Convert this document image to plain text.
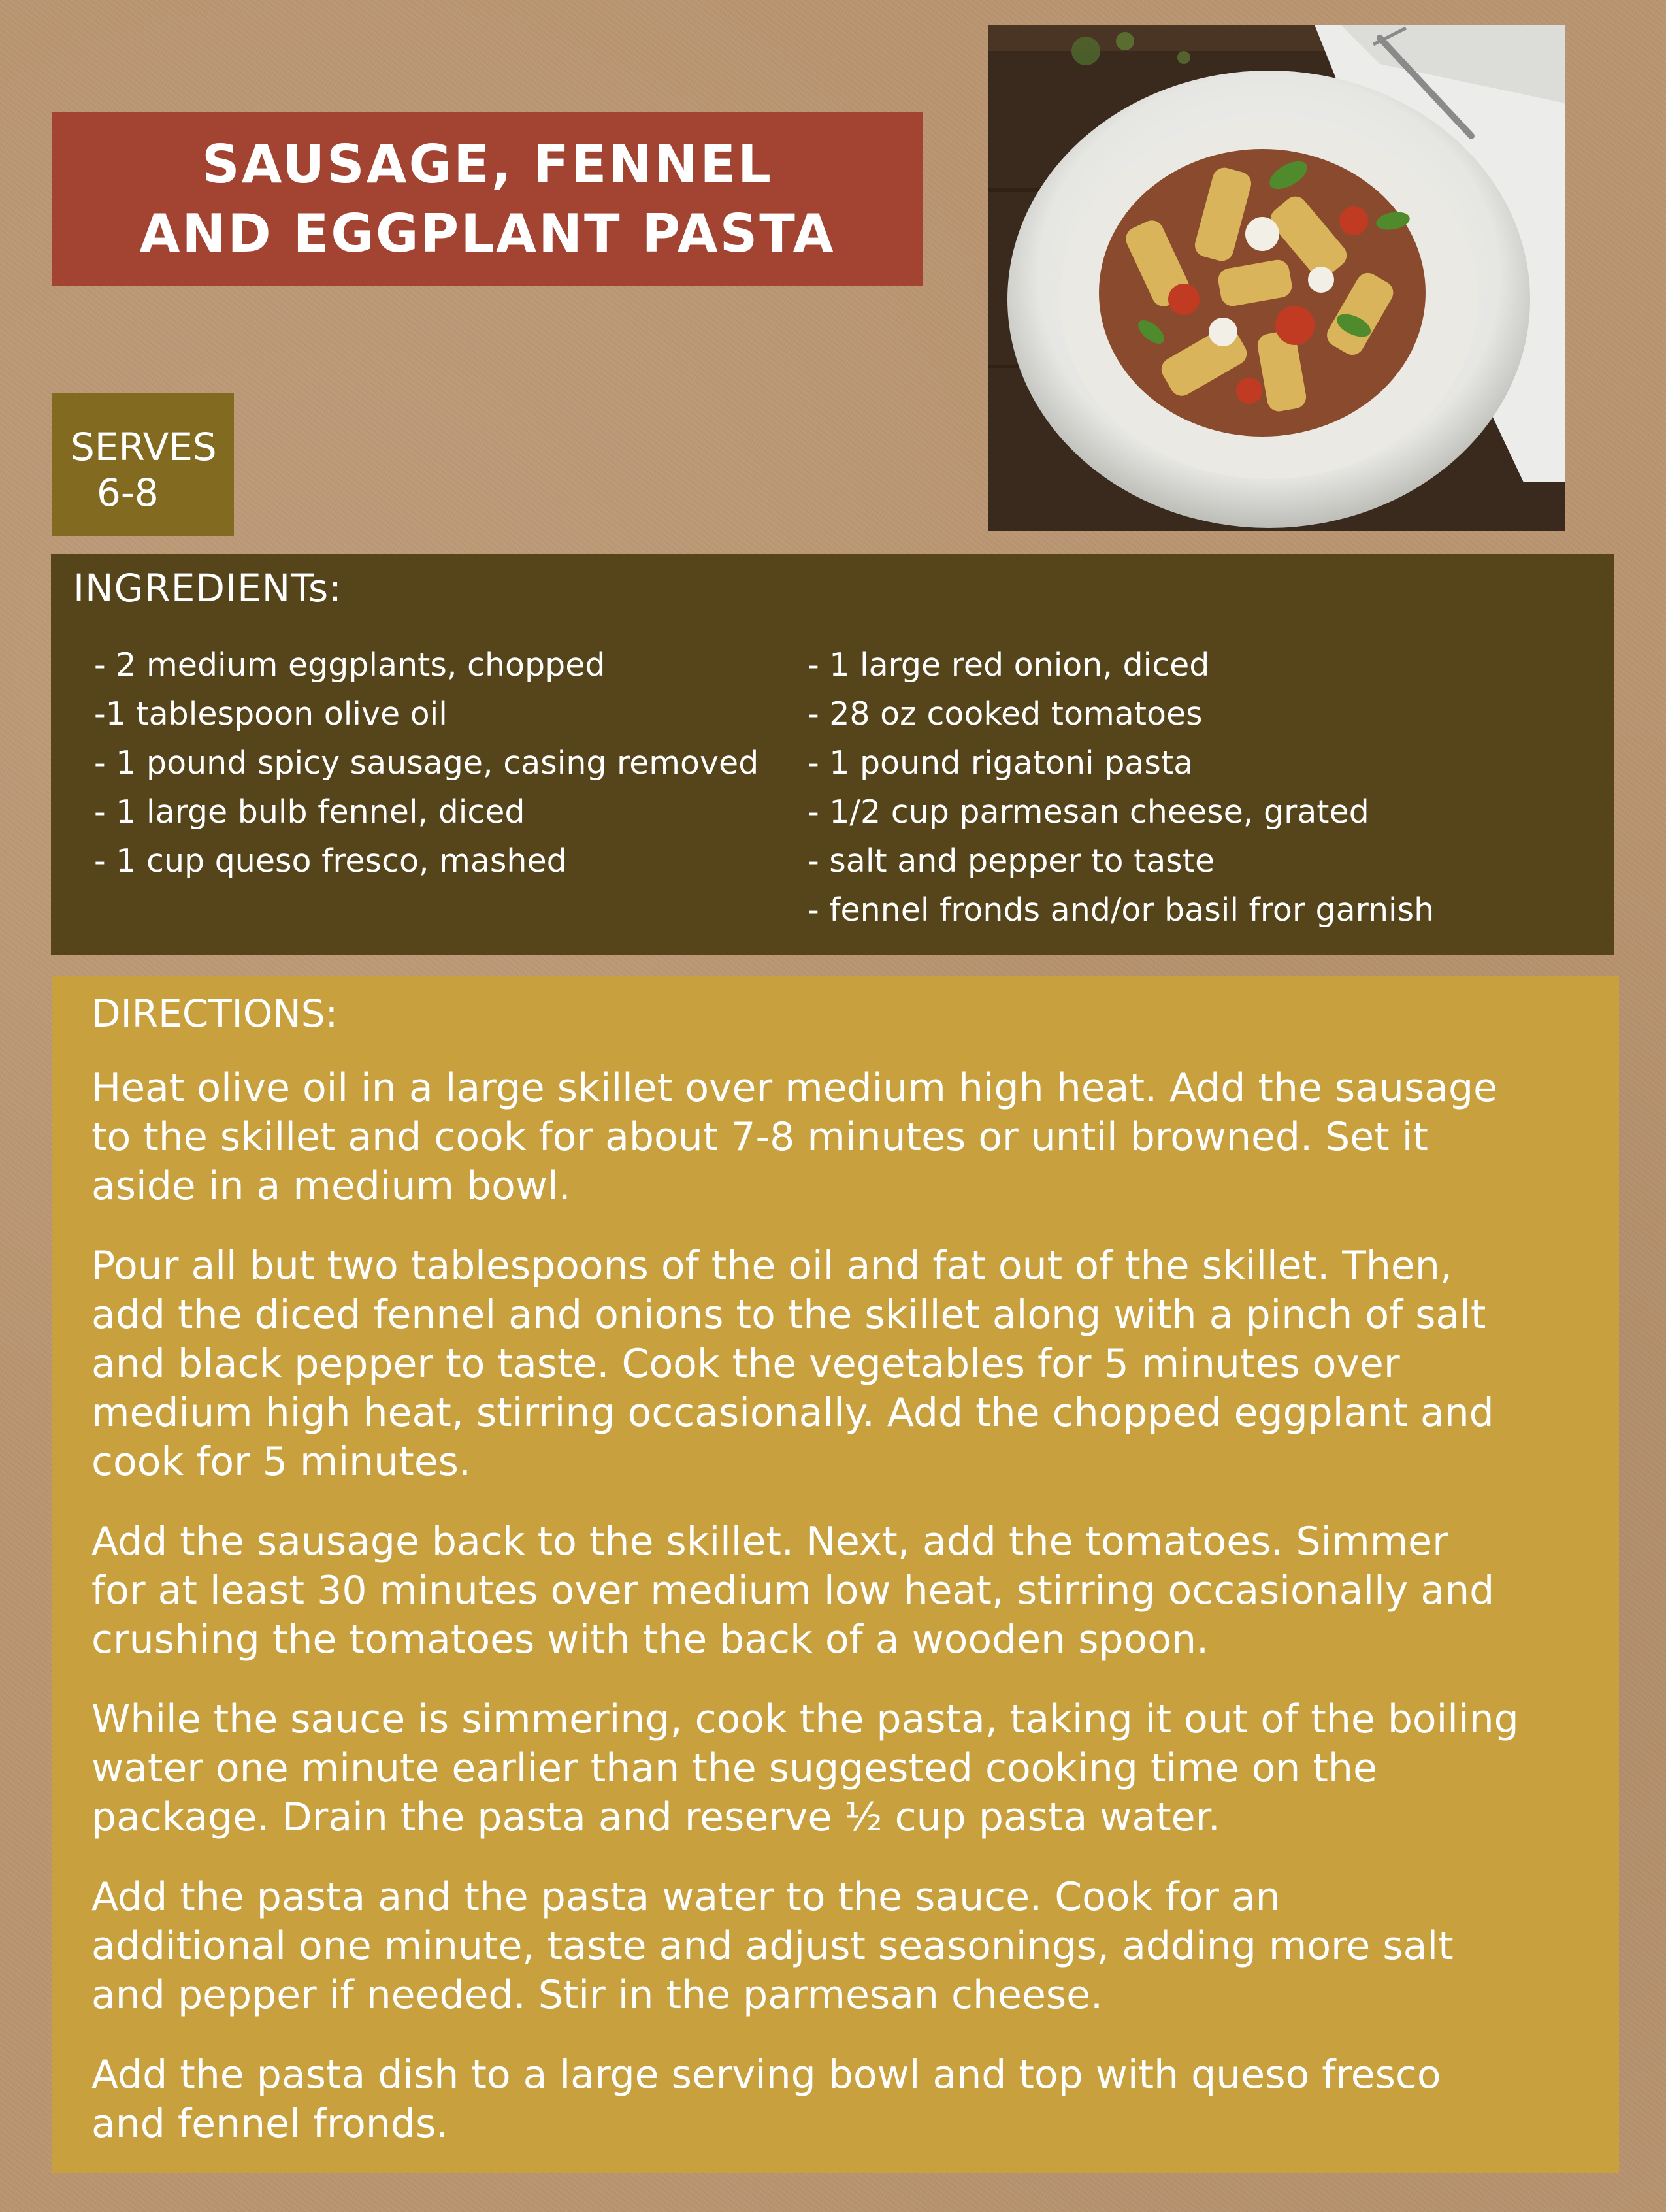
SAUSAGE, FENNEL
AND EGGPLANT PASTA
SERVES
6-8
INGREDIENTs:
- 2 medium eggplants, chopped
-1 tablespoon olive oil
- 1 pound spicy sausage, casing removed
- 1 large bulb fennel, diced
- 1 cup queso fresco, mashed
- 1 large red onion, diced
- 28 oz cooked tomatoes
- 1 pound rigatoni pasta
- 1/2 cup parmesan cheese, grated
- salt and pepper to taste
- fennel fronds and/or basil fror garnish
DIRECTIONS:

Heat olive oil in a large skillet over medium high heat. Add the sausage
to the skillet and cook for about 7-8 minutes or until browned. Set it
aside in a medium bowl.

Pour all but two tablespoons of the oil and fat out of the skillet. Then,
add the diced fennel and onions to the skillet along with a pinch of salt
and black pepper to taste. Cook the vegetables for 5 minutes over
medium high heat, stirring occasionally. Add the chopped eggplant and
cook for 5 minutes.

Add the sausage back to the skillet. Next, add the tomatoes. Simmer
for at least 30 minutes over medium low heat, stirring occasionally and
crushing the tomatoes with the back of a wooden spoon.

While the sauce is simmering, cook the pasta, taking it out of the boiling
water one minute earlier than the suggested cooking time on the
package. Drain the pasta and reserve ½ cup pasta water.

Add the pasta and the pasta water to the sauce. Cook for an
additional one minute, taste and adjust seasonings, adding more salt
and pepper if needed. Stir in the parmesan cheese.

Add the pasta dish to a large serving bowl and top with queso fresco
and fennel fronds.
